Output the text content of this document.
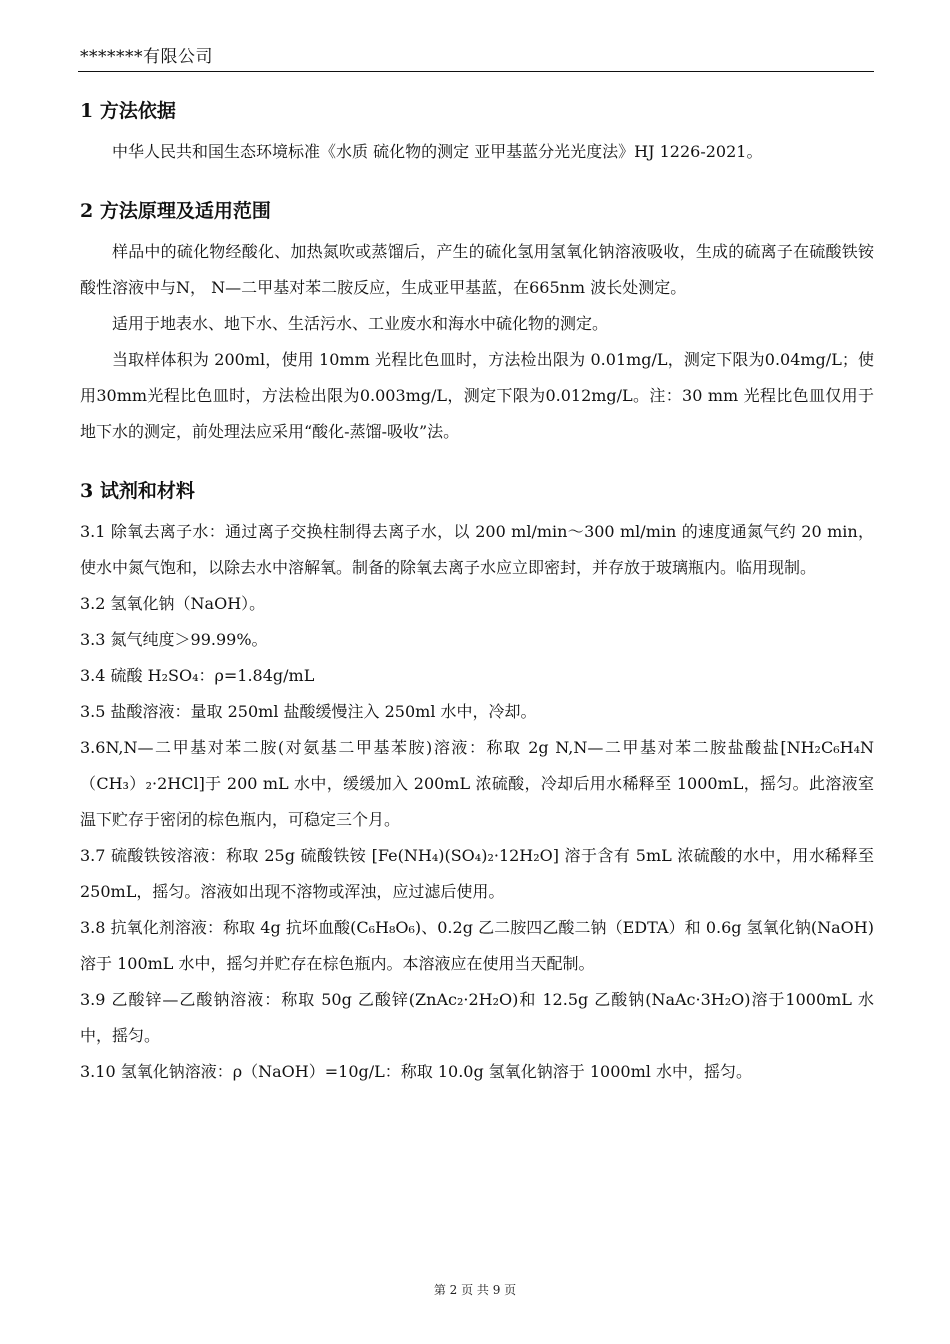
*******有限公司
1 方法依据

中华人民共和国生态环境标准《水质 硫化物的测定 亚甲基蓝分光光度法》HJ 1226-2021。

2 方法原理及适用范围

样品中的硫化物经酸化、加热氮吹或蒸馏后，产生的硫化氢用氢氧化钠溶液吸收，生成的硫离子在硫酸铁铵酸性溶液中与N， N—二甲基对苯二胺反应，生成亚甲基蓝，在665nm 波长处测定。

适用于地表水、地下水、生活污水、工业废水和海水中硫化物的测定。

当取样体积为 200ml，使用 10mm 光程比色皿时，方法检出限为 0.01mg/L，测定下限为0.04mg/L；使用30mm光程比色皿时，方法检出限为0.003mg/L，测定下限为0.012mg/L。注：30 mm 光程比色皿仅用于地下水的测定，前处理法应采用“酸化-蒸馏-吸收”法。

3 试剂和材料

3.1 除氧去离子水：通过离子交换柱制得去离子水，以 200 ml/min～300 ml/min 的速度通氮气约 20 min，使水中氮气饱和，以除去水中溶解氧。制备的除氧去离子水应立即密封，并存放于玻璃瓶内。临用现制。

3.2 氢氧化钠（NaOH）。

3.3 氮气纯度＞99.99%。

3.4 硫酸 H₂SO₄：ρ=1.84g/mL

3.5 盐酸溶液：量取 250ml 盐酸缓慢注入 250ml 水中，冷却。

3.6N,N—二甲基对苯二胺(对氨基二甲基苯胺)溶液：称取 2g N,N—二甲基对苯二胺盐酸盐[NH₂C₆H₄N（CH₃）₂·2HCl]于 200 mL 水中，缓缓加入 200mL 浓硫酸，冷却后用水稀释至 1000mL，摇匀。此溶液室温下贮存于密闭的棕色瓶内，可稳定三个月。

3.7 硫酸铁铵溶液：称取 25g 硫酸铁铵 [Fe(NH₄)(SO₄)₂·12H₂O] 溶于含有 5mL 浓硫酸的水中，用水稀释至 250mL，摇匀。溶液如出现不溶物或浑浊，应过滤后使用。

3.8 抗氧化剂溶液：称取 4g 抗坏血酸(C₆H₈O₆)、0.2g 乙二胺四乙酸二钠（EDTA）和 0.6g 氢氧化钠(NaOH)溶于 100mL 水中，摇匀并贮存在棕色瓶内。本溶液应在使用当天配制。

3.9 乙酸锌—乙酸钠溶液：称取 50g 乙酸锌(ZnAc₂·2H₂O)和 12.5g 乙酸钠(NaAc·3H₂O)溶于1000mL 水中，摇匀。

3.10 氢氧化钠溶液：ρ（NaOH）=10g/L：称取 10.0g 氢氧化钠溶于 1000ml 水中，摇匀。

第 2 页 共 9 页
